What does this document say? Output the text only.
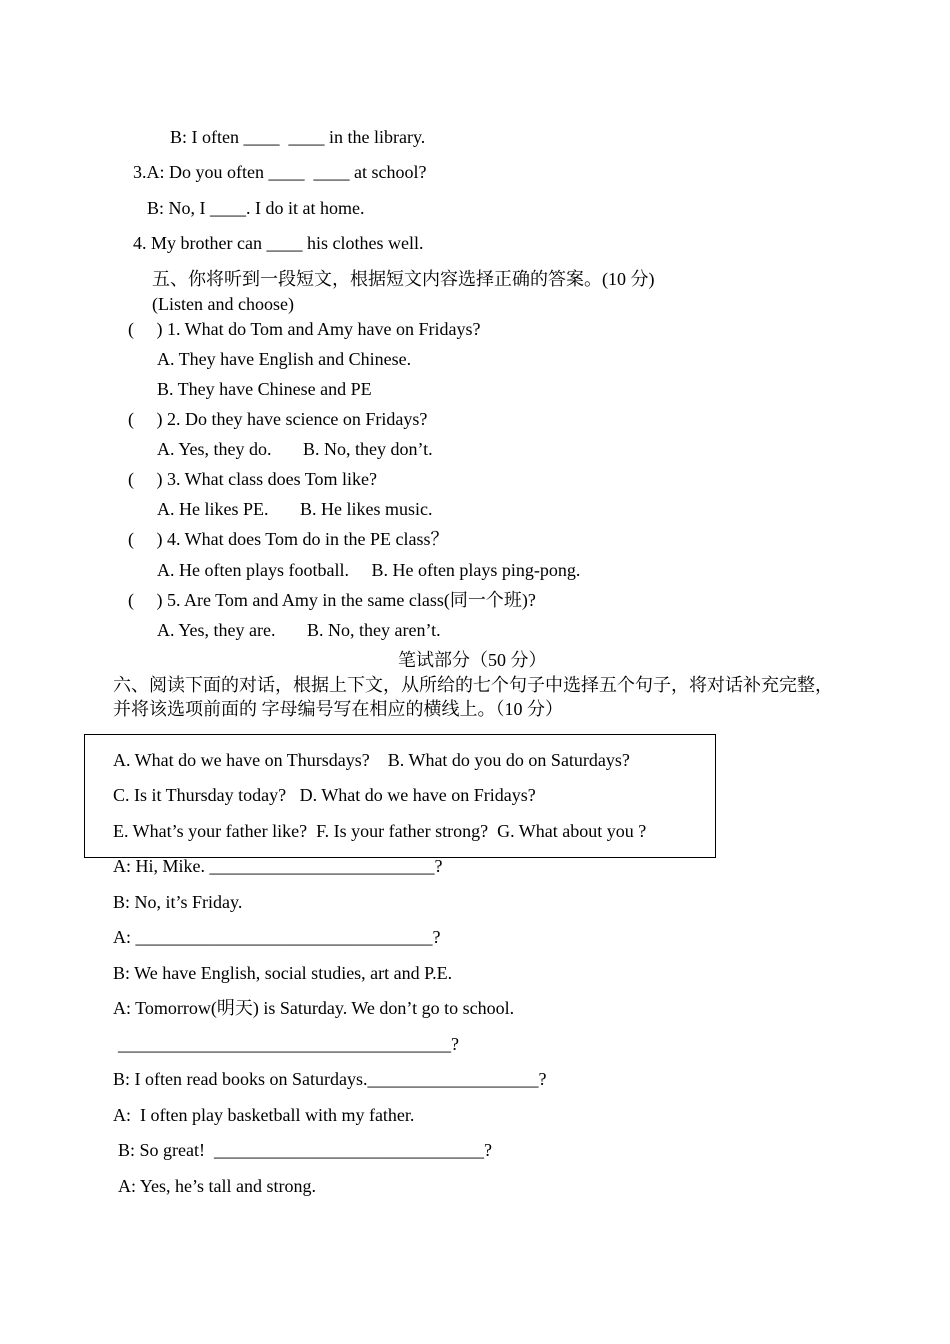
B: I often ____  ____ in the library.
3.A: Do you often ____  ____ at school?
B: No, I ____. I do it at home.
4. My brother can ____ his clothes well.
五、你将听到一段短文，根据短文内容选择正确的答案。(10 分)
(Listen and choose)
(     ) 1. What do Tom and Amy have on Fridays?
A. They have English and Chinese.
B. They have Chinese and PE
(     ) 2. Do they have science on Fridays?
A. Yes, they do.       B. No, they don’t.
(     ) 3. What class does Tom like?
A. He likes PE.       B. He likes music.
(     ) 4. What does Tom do in the PE class？
A. He often plays football.     B. He often plays ping-pong.
(     ) 5. Are Tom and Amy in the same class(同一个班)?
A. Yes, they are.       B. No, they aren’t.
笔试部分（50 分）
六、阅读下面的对话，根据上下文，从所给的七个句子中选择五个句子，将对话补充完整，
并将该选项前面的 字母编号写在相应的横线上。（10 分）
A. What do we have on Thursdays?    B. What do you do on Saturdays?
C. Is it Thursday today?   D. What do we have on Fridays?
E. What’s your father like?  F. Is your father strong?  G. What about you ?
A: Hi, Mike. _________________________?
B: No, it’s Friday.
A: _________________________________?
B: We have English, social studies, art and P.E.
A: Tomorrow(明天) is Saturday. We don’t go to school.
_____________________________________?
B: I often read books on Saturdays.___________________?
A:  I often play basketball with my father.
B: So great!  ______________________________?
A: Yes, he’s tall and strong.
